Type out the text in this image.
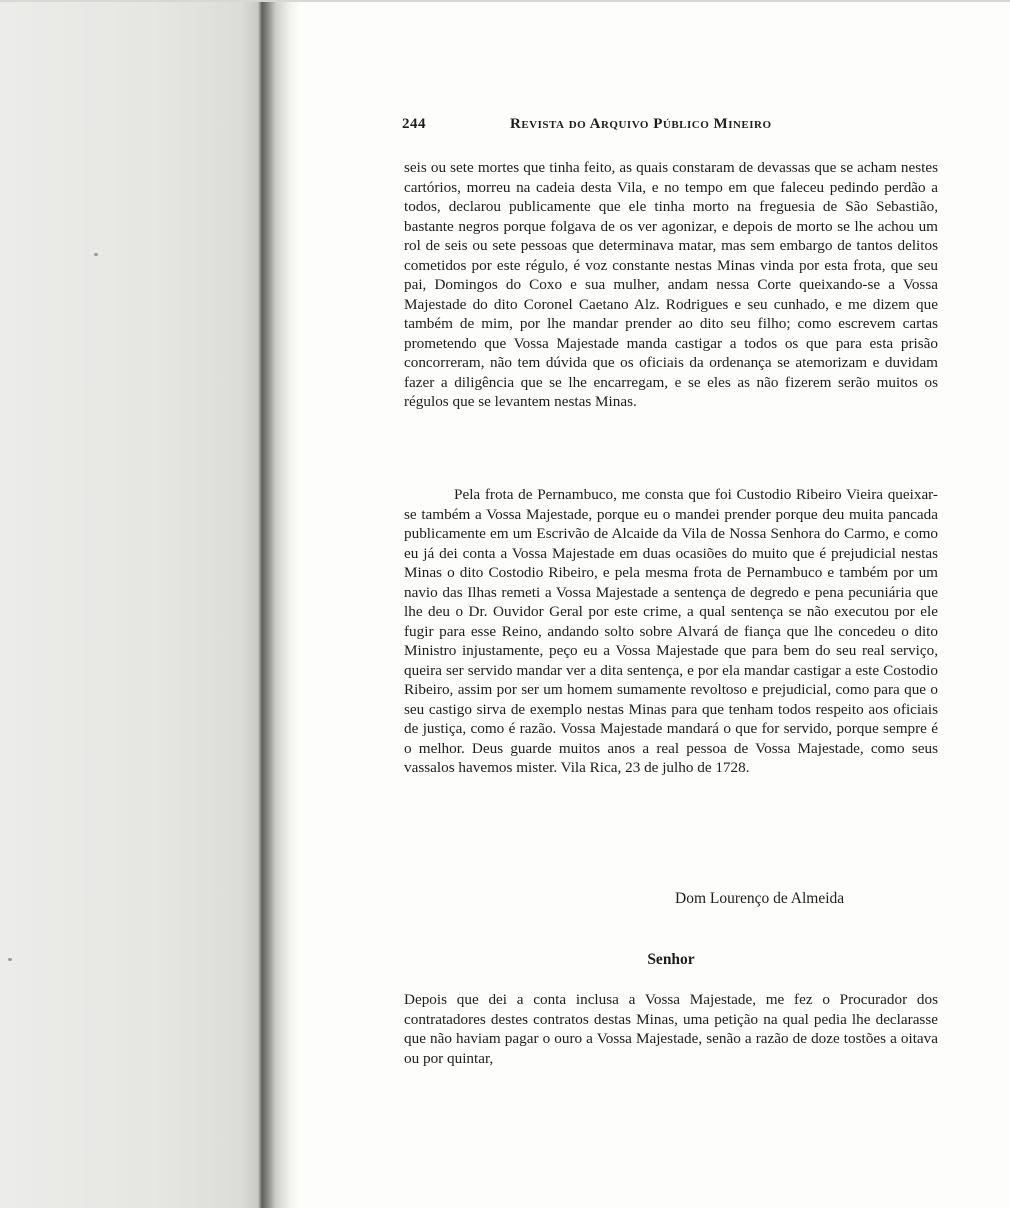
244	Revista do Arquivo Público Mineiro

seis ou sete mortes que tinha feito, as quais constaram de devassas que se acham nestes cartórios, morreu na cadeia desta Vila, e no tempo em que faleceu pedindo perdão a todos, declarou publicamente que ele tinha morto na freguesia de São Sebastião, bastante negros porque folgava de os ver agonizar, e depois de morto se lhe achou um rol de seis ou sete pessoas que determinava matar, mas sem embargo de tantos delitos cometidos por este régulo, é voz constante nestas Minas vinda por esta frota, que seu pai, Domingos do Coxo e sua mulher, andam nessa Corte queixando-se a Vossa Majestade do dito Coronel Caetano Alz. Rodrigues e seu cunhado, e me dizem que também de mim, por lhe mandar prender ao dito seu filho; como escrevem cartas prometendo que Vossa Majestade manda castigar a todos os que para esta prisão concorreram, não tem dúvida que os oficiais da ordenança se atemorizam e duvidam fazer a diligência que se lhe encarregam, e se eles as não fizerem serão muitos os régulos que se levantem nestas Minas.

Pela frota de Pernambuco, me consta que foi Custodio Ribeiro Vieira queixar-se também a Vossa Majestade, porque eu o mandei prender porque deu muita pancada publicamente em um Escrivão de Alcaide da Vila de Nossa Senhora do Carmo, e como eu já dei conta a Vossa Majestade em duas ocasiões do muito que é prejudicial nestas Minas o dito Costodio Ribeiro, e pela mesma frota de Pernambuco e também por um navio das Ilhas remeti a Vossa Majestade a sentença de degredo e pena pecuniária que lhe deu o Dr. Ouvidor Geral por este crime, a qual sentença se não executou por ele fugir para esse Reino, andando solto sobre Alvará de fiança que lhe concedeu o dito Ministro injustamente, peço eu a Vossa Majestade que para bem do seu real serviço, queira ser servido mandar ver a dita sentença, e por ela mandar castigar a este Costodio Ribeiro, assim por ser um homem sumamente revoltoso e prejudicial, como para que o seu castigo sirva de exemplo nestas Minas para que tenham todos respeito aos oficiais de justiça, como é razão. Vossa Majestade mandará o que for servido, porque sempre é o melhor. Deus guarde muitos anos a real pessoa de Vossa Majestade, como seus vassalos havemos mister. Vila Rica, 23 de julho de 1728.

Dom Lourenço de Almeida
Senhor

Depois que dei a conta inclusa a Vossa Majestade, me fez o Procurador dos contratadores destes contratos destas Minas, uma petição na qual pedia lhe declarasse que não haviam pagar o ouro a Vossa Majestade, senão a razão de doze tostões a oitava ou por quintar,
